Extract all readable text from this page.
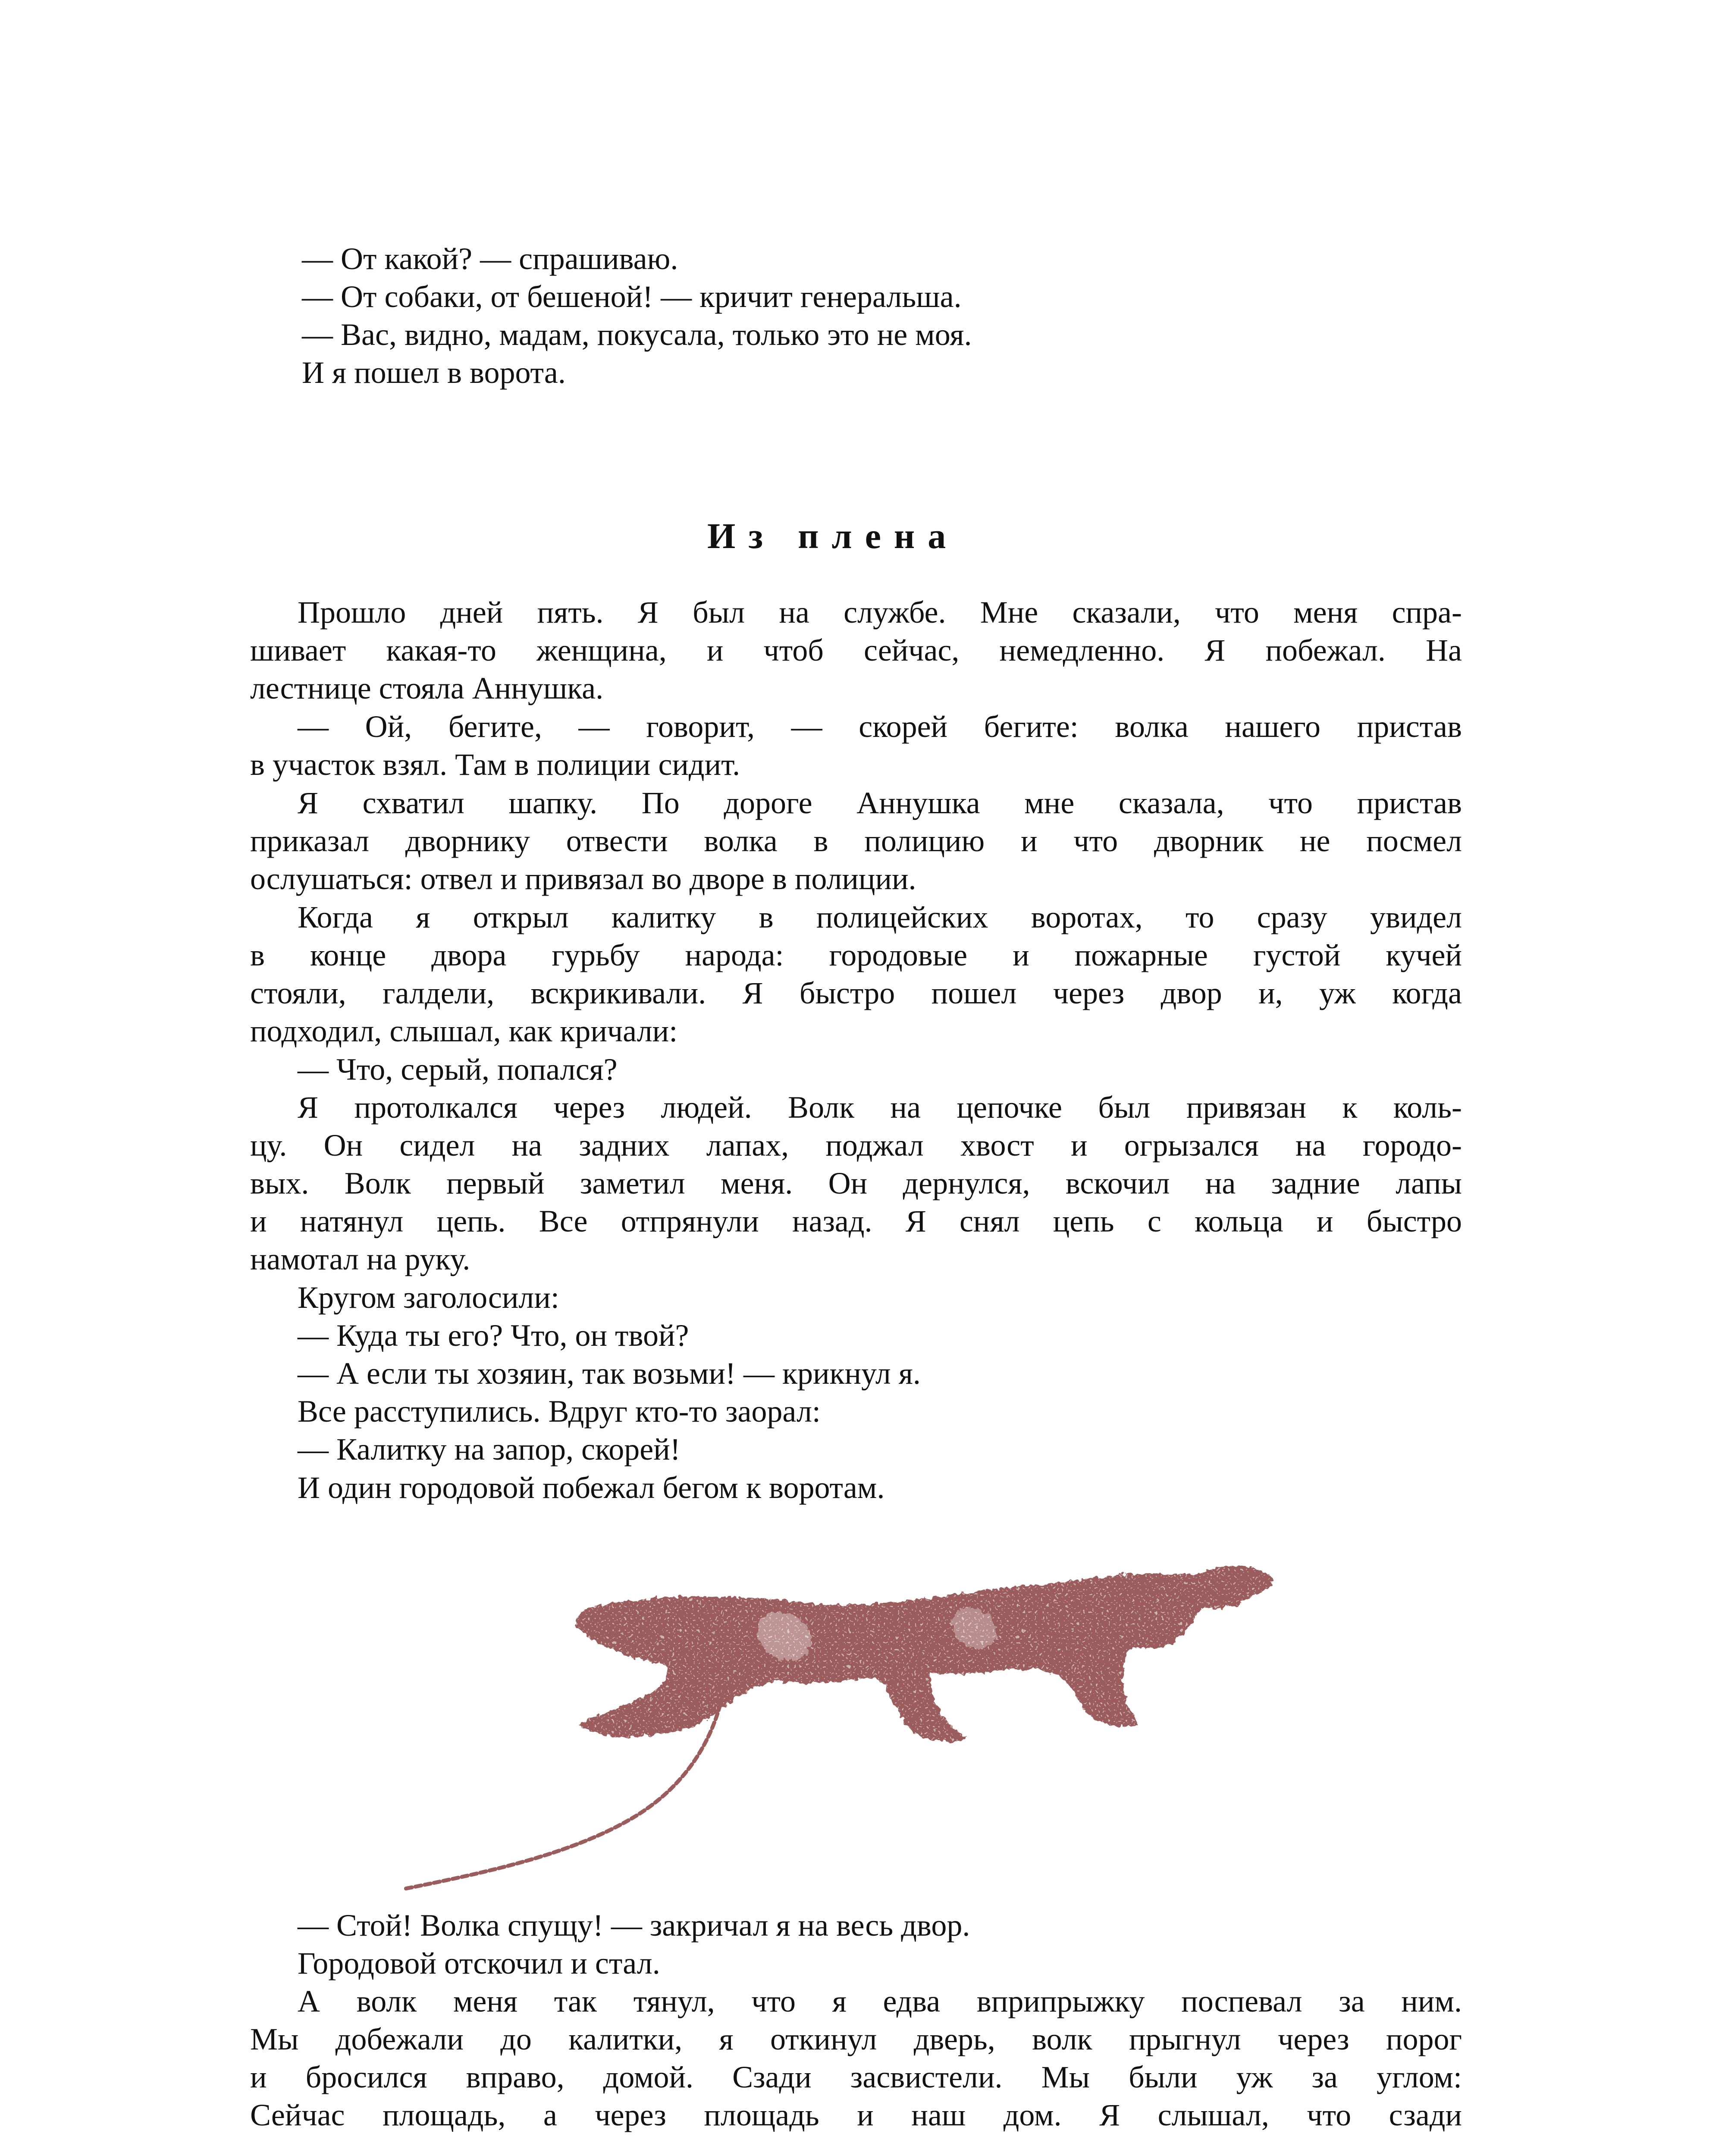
— От какой? — спрашиваю.

— От собаки, от бешеной! — кричит генеральша.

— Вас, видно, мадам, покусала, только это не моя.

И я пошел в ворота.

Из плена

Прошло дней пять. Я был на службе. Мне сказали, что меня спра-

шивает какая-то женщина, и чтоб сейчас, немедленно. Я побежал. На

лестнице стояла Аннушка.

— Ой, бегите, — говорит, — скорей бегите: волка нашего пристав

в участок взял. Там в полиции сидит.

Я схватил шапку. По дороге Аннушка мне сказала, что пристав

приказал дворнику отвести волка в полицию и что дворник не посмел

ослушаться: отвел и привязал во дворе в полиции.

Когда я открыл калитку в полицейских воротах, то сразу увидел

в конце двора гурьбу народа: городовые и пожарные густой кучей

стояли, галдели, вскрикивали. Я быстро пошел через двор и, уж когда

подходил, слышал, как кричали:

— Что, серый, попался?

Я протолкался через людей. Волк на цепочке был привязан к коль-

цу. Он сидел на задних лапах, поджал хвост и огрызался на городо-

вых. Волк первый заметил меня. Он дернулся, вскочил на задние лапы

и натянул цепь. Все отпрянули назад. Я снял цепь с кольца и быстро

намотал на руку.

Кругом заголосили:

— Куда ты его? Что, он твой?

— А если ты хозяин, так возьми! — крикнул я.

Все расступились. Вдруг кто-то заорал:

— Калитку на запор, скорей!

И один городовой побежал бегом к воротам.

— Стой! Волка спущу! — закричал я на весь двор.

Городовой отскочил и стал.

А волк меня так тянул, что я едва вприпрыжку поспевал за ним.

Мы добежали до калитки, я откинул дверь, волк прыгнул через порог

и бросился вправо, домой. Сзади засвистели. Мы были уж за углом:

Сейчас площадь, а через площадь и наш дом. Я слышал, что сзади
